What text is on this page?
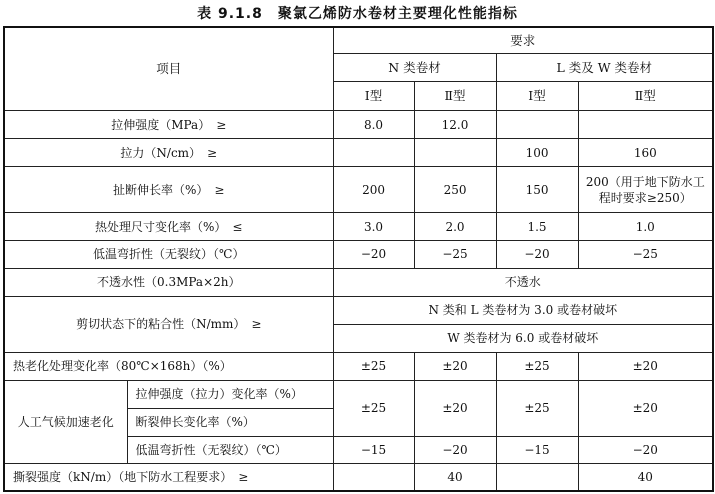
表 9.1.8　聚氯乙烯防水卷材主要理化性能指标
项目		要求			
		N 类卷材		L 类及 W 类卷材	
		Ⅰ型	Ⅱ型	Ⅰ型	Ⅱ型
拉伸强度（MPa）　≥		8.0	12.0		
拉力（N/cm）　≥				100	160
扯断伸长率（%）　≥		200	250	150	200（用于地下防水工程时要求≥250）
热处理尺寸变化率（%）　≤		3.0	2.0	1.5	1.0
低温弯折性（无裂纹）（℃）		−20	−25	−20	−25
不透水性（0.3MPa×2h）		不透水			
剪切状态下的粘合性（N/mm）　≥		N 类和 L 类卷材为 3.0 或卷材破坏			
		W 类卷材为 6.0 或卷材破坏			
热老化处理变化率（80℃×168h）（%）		±25	±20	±25	±20
人工气候加速老化	拉伸强度（拉力）变化率（%）	±25	±20	±25	±20
	断裂伸长变化率（%）				
	低温弯折性（无裂纹）（℃）	−15	−20	−15	−20
撕裂强度（kN/m）（地下防水工程要求）　≥			40		40
